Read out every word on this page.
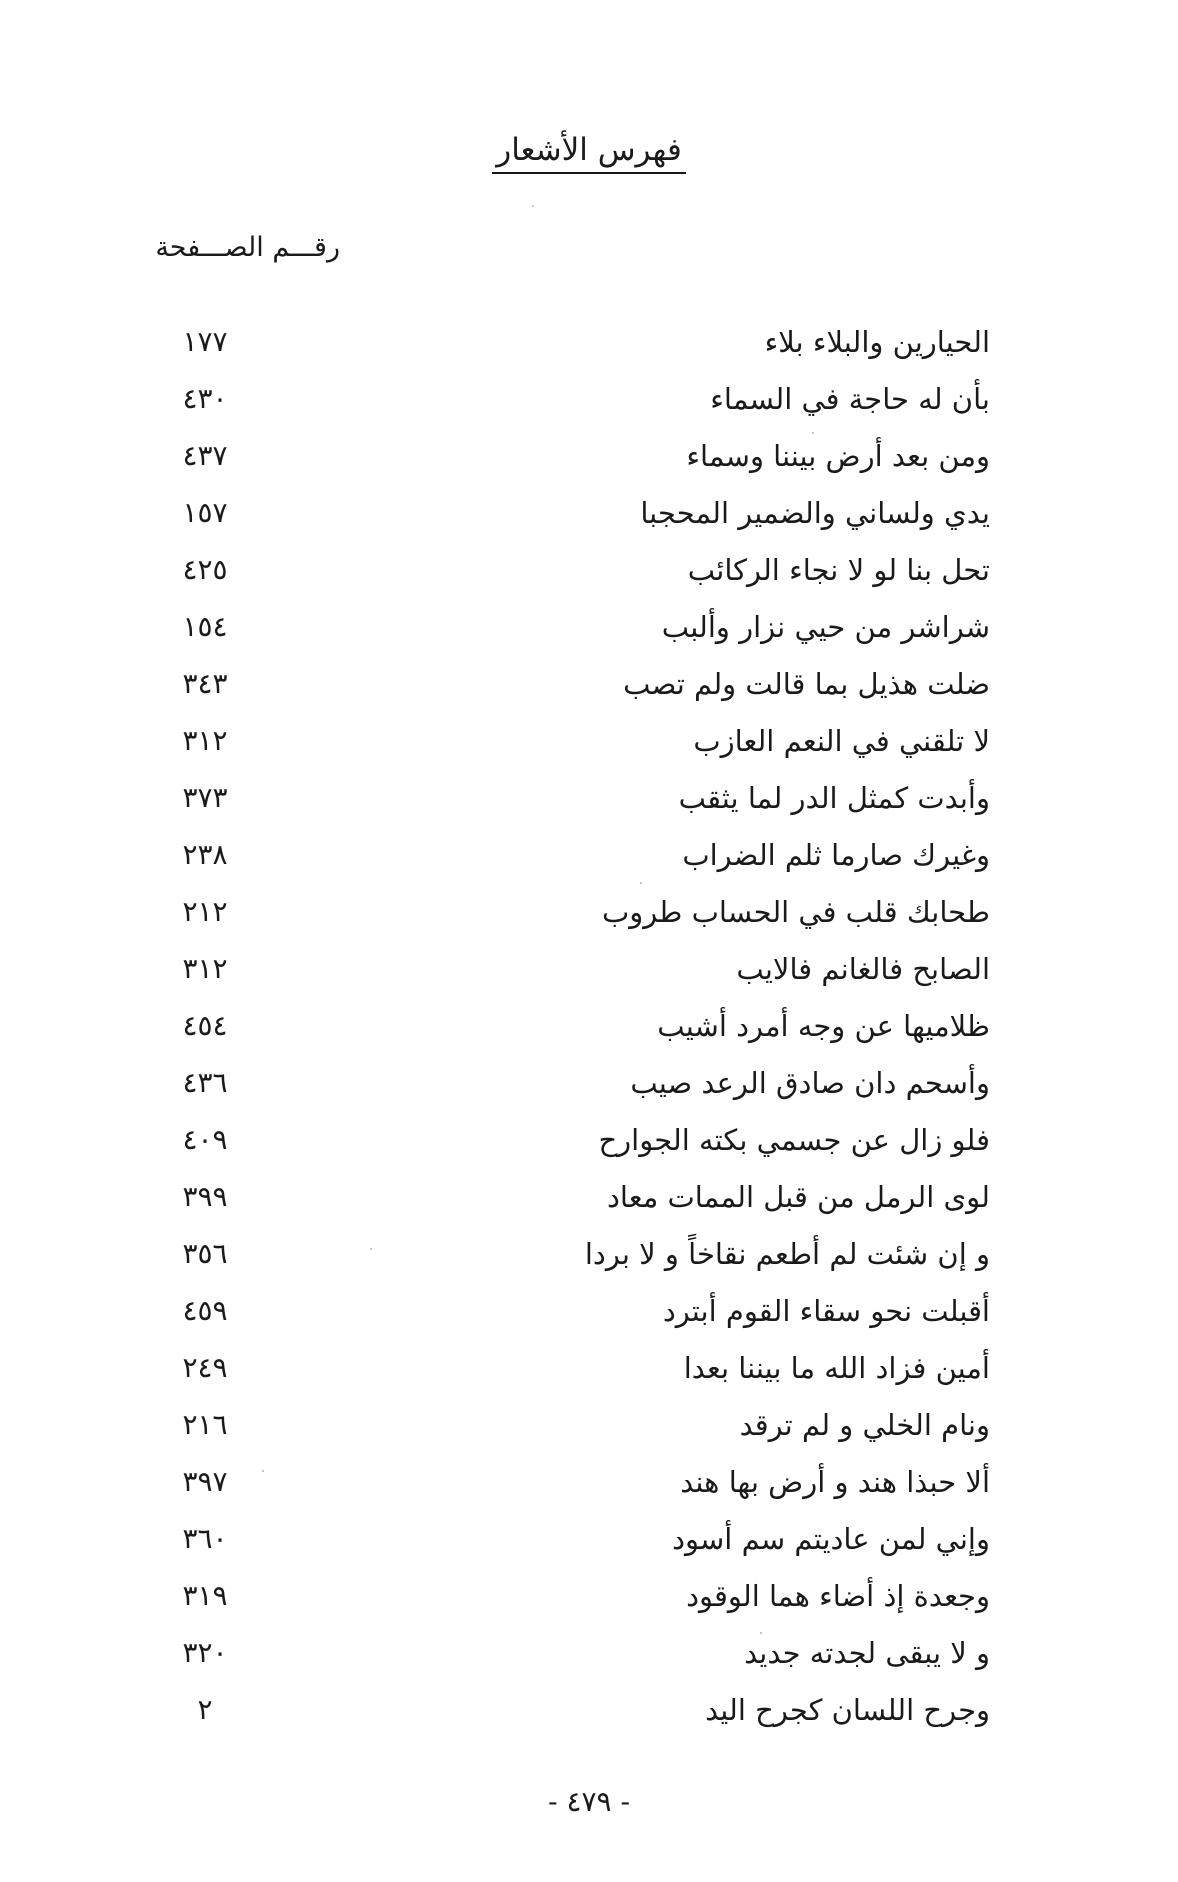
فهرس الأشعار
رقـــم الصـــفحة
الحيارين والبلاء بلاء
١٧٧
بأن له حاجة في السماء
٤٣٠
ومن بعد أرض بيننا وسماء
٤٣٧
يدي ولساني والضمير المحجبا
١٥٧
تحل بنا لو لا نجاء الركائب
٤٢٥
شراشر من حيي نزار وألبب
١٥٤
ضلت هذيل بما قالت ولم تصب
٣٤٣
لا تلقني في النعم العازب
٣١٢
وأبدت كمثل الدر لما يثقب
٣٧٣
وغيرك صارما ثلم الضراب
٢٣٨
طحابك قلب في الحساب طروب
٢١٢
الصابح فالغانم فالايب
٣١٢
ظلاميها عن وجه أمرد أشيب
٤٥٤
وأسحم دان صادق الرعد صيب
٤٣٦
فلو زال عن جسمي بكته الجوارح
٤٠٩
لوى الرمل من قبل الممات معاد
٣٩٩
و إن شئت لم أطعم نقاخاً و لا بردا
٣٥٦
أقبلت نحو سقاء القوم أبترد
٤٥٩
أمين فزاد الله ما بيننا بعدا
٢٤٩
ونام الخلي و لم ترقد
٢١٦
ألا حبذا هند و أرض بها هند
٣٩٧
وإني لمن عاديتم سم أسود
٣٦٠
وجعدة إذ أضاء هما الوقود
٣١٩
و لا يبقى لجدته جديد
٣٢٠
وجرح اللسان كجرح اليد
٢
- ٤٧٩ -
